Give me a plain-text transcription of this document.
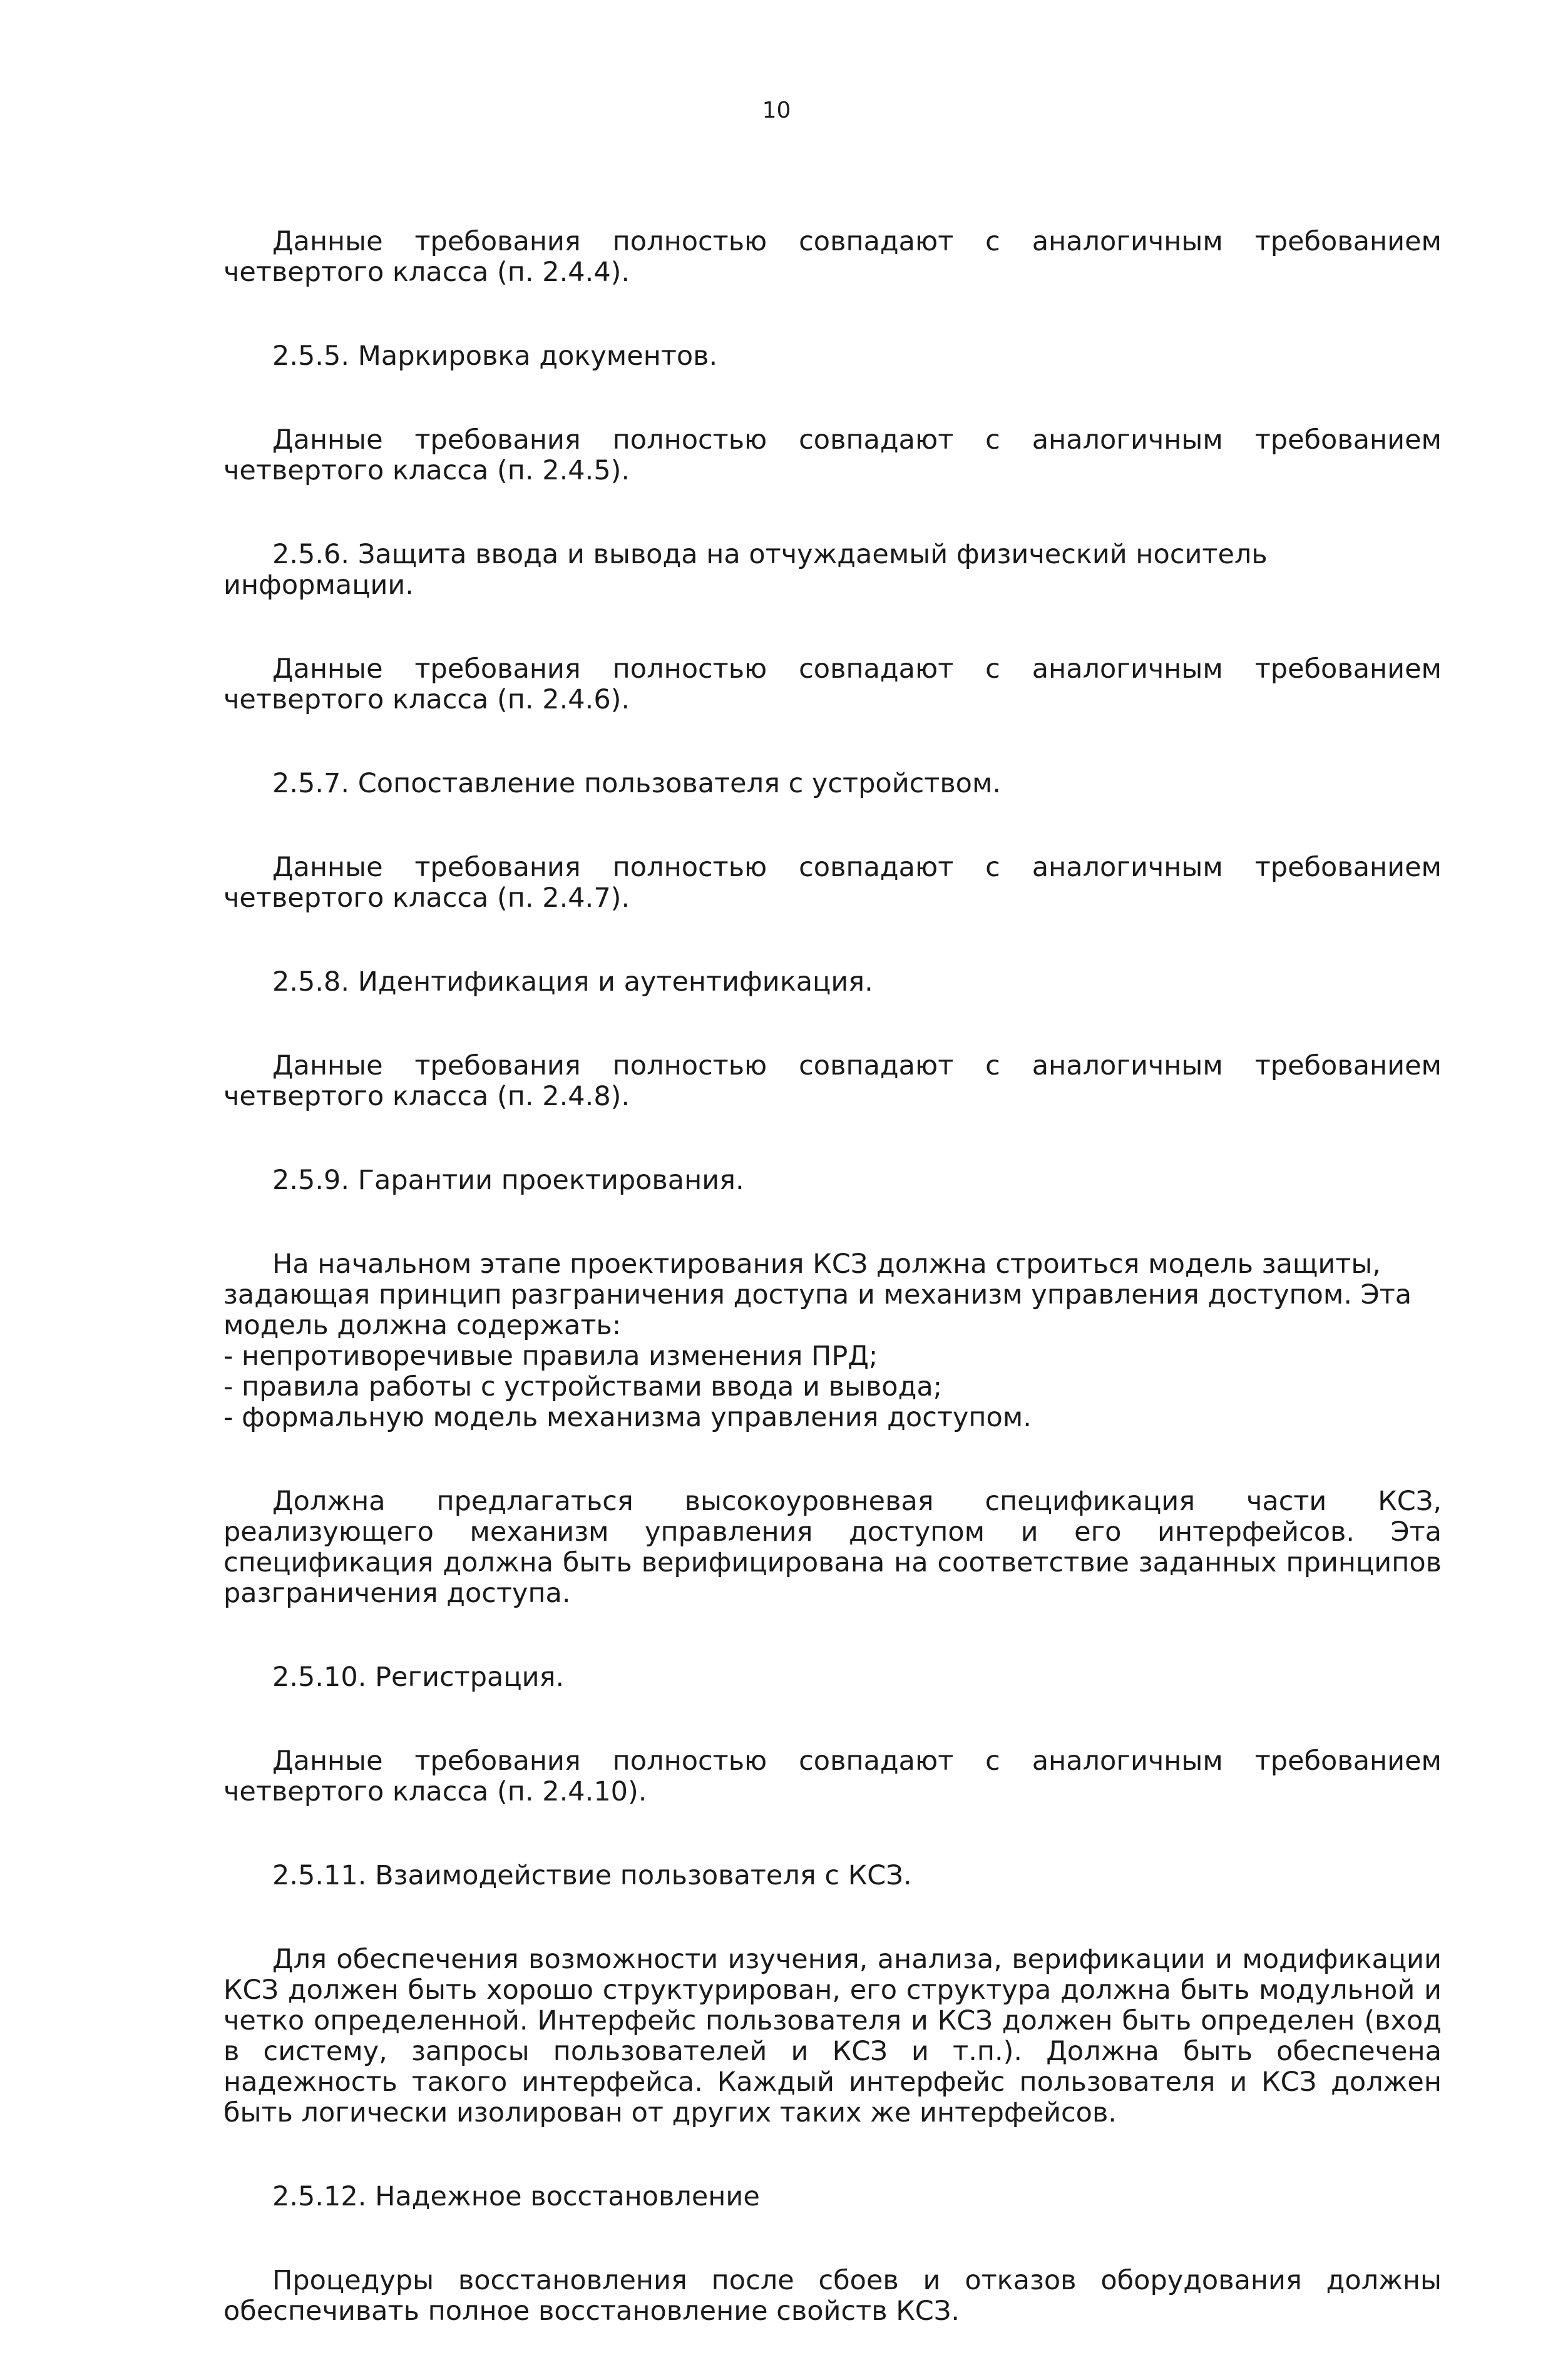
10

Данные требования полностью совпадают с аналогичным требованием четвертого класса (п. 2.4.4).

2.5.5. Маркировка документов.

Данные требования полностью совпадают с аналогичным требованием четвертого класса (п. 2.4.5).

2.5.6. Защита ввода и вывода на отчуждаемый физический носитель информации.

Данные требования полностью совпадают с аналогичным требованием четвертого класса (п. 2.4.6).

2.5.7. Сопоставление пользователя с устройством.

Данные требования полностью совпадают с аналогичным требованием четвертого класса (п. 2.4.7).

2.5.8. Идентификация и аутентификация.

Данные требования полностью совпадают с аналогичным требованием четвертого класса (п. 2.4.8).

2.5.9. Гарантии проектирования.

На начальном этапе проектирования КСЗ должна строиться модель защиты, задающая принцип разграничения доступа и механизм управления доступом. Эта модель должна содержать:
- непротиворечивые правила изменения ПРД;
- правила работы с устройствами ввода и вывода;
- формальную модель механизма управления доступом.

Должна предлагаться высокоуровневая спецификация части КСЗ, реализующего механизм управления доступом и его интерфейсов. Эта спецификация должна быть верифицирована на соответствие заданных принципов разграничения доступа.

2.5.10. Регистрация.

Данные требования полностью совпадают с аналогичным требованием четвертого класса (п. 2.4.10).

2.5.11. Взаимодействие пользователя с КСЗ.

Для обеспечения возможности изучения, анализа, верификации и модификации КСЗ должен быть хорошо структурирован, его структура должна быть модульной и четко определенной. Интерфейс пользователя и КСЗ должен быть определен (вход в систему, запросы пользователей и КСЗ и т.п.). Должна быть обеспечена надежность такого интерфейса. Каждый интерфейс пользователя и КСЗ должен быть логически изолирован от других таких же интерфейсов.

2.5.12. Надежное восстановление

Процедуры восстановления после сбоев и отказов оборудования должны обеспечивать полное восстановление свойств КСЗ.
